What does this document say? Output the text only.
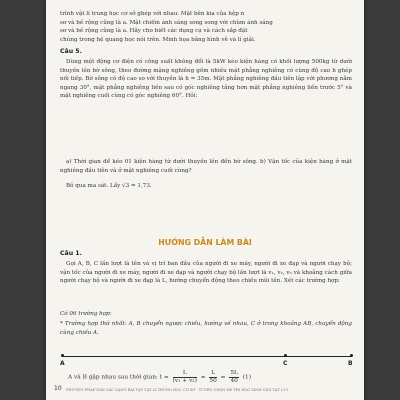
trình vật lí trung học cơ sở ghép với nhau. Mặt bên kia của hệp n
sơ và bề rộng cũng là a. Mặt chiếm ánh sáng song song với chùm ánh sáng
sơ và bề rộng cũng là a. Hãy cho biết các dụng cụ và cách sắp đặt
chúng trong hệ quang học nói trên. Minh họa bằng hình vẽ và lí giải.
Câu 5.
Dùng một động cơ điện có công suất không đổi là 5kW kéo kiện hàng có khối lượng 500kg từ dưới thuyền lên bờ sông, theo đường mặng nghiêng gồm nhiều mặt phẳng nghiêng có cùng độ cao h ghép nối tiếp. Bờ sông có độ cao so với thuyền là h = 35m. Mặt phẳng nghiêng đầu tiên lập với phương nằm ngang 30°, mặt phẳng nghiêng liền sau có góc nghiêng tăng hơn mặt phẳng nghiêng liền trước 5° và mặt nghiêng cuối cùng có góc nghiêng 60°. Hỏi:
a) Thời gian để kéo 01 kiện hàng từ dưới thuyền lên đến bờ sông. b) Vận tốc của kiện hàng ở mặt nghiêng đầu tiên và ở mặt nghiêng cuối cùng?
Bỏ qua ma sát. Lấy √3 = 1,73.
HƯỚNG DẪN LÀM BÀI
Câu 1.
Gọi A, B, C lần lượt là tên và vị trí ban đầu của người đi xe máy, người đi xe đạp và người chạy bộ; vận tốc của người đi xe máy, người đi xe đạp và người chạy bộ lần lượt là v₁, v₂, v₃ và khoảng cách giữa người chạy bộ và người đi xe đạp là L, hướng chuyển động theo chiều mũi tên. Xét các trường hợp:
Có 06 trường hợp:
* Trường hợp thứ nhất: A, B chuyển ngược chiều, hướng về nhau, C ở trong khoảng AB, chuyển động cùng chiều A.
A	C	B
A và B gặp nhau sau thời gian: $t = \frac{L}{\text{(v₁ + v₂)}} = \frac{L}{50} = \frac{5L}{40} (1)$
10 PHƯƠNG PHÁP GIẢI CÁC DẠNG BÀI TẬP VẬT LÍ TRUNG HỌC CƠ SỞ - TUYỂN CHỌN ĐỀ THI HỌC SINH GIỎI VẬT LÍ 9
